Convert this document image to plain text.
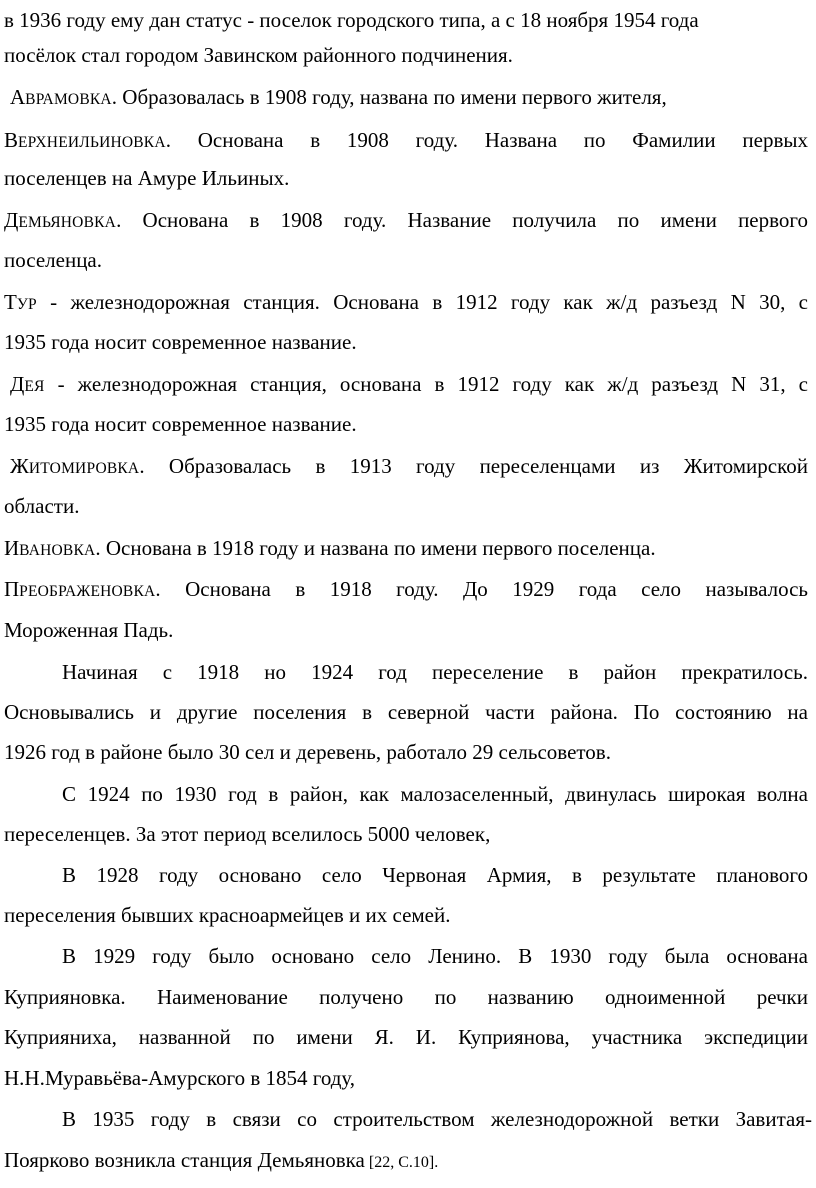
в 1936 году ему дан статус - поселок городского типа, а с 18 ноября 1954 года
посёлок стал городом Завинском районного подчинения.
АВРАМОВКА. Образовалась в 1908 году, названа по имени первого жителя,
ВЕРХНЕИЛЬИНОВКА. Основана в 1908 году. Названа по Фамилии первых
поселенцев на Амуре Ильиных.
ДЕМЬЯНОВКА. Основана в 1908 году. Название получила по имени первого
поселенца.
ТУР - железнодорожная станция. Основана в 1912 году как ж/д разъезд N 30, с
1935 года носит современное название.
ДЕЯ - железнодорожная станция, основана в 1912 году как ж/д разъезд N 31, с
1935 года носит современное название.
ЖИТОМИРОВКА. Образовалась в 1913 году переселенцами из Житомирской
области.
ИВАНОВКА. Основана в 1918 году и названа по имени первого поселенца.
ПРЕОБРАЖЕНОВКА. Основана в 1918 году. До 1929 года село называлось
Мороженная Падь.
Начиная с 1918 но 1924 год переселение в район прекратилось.
Основывались и другие поселения в северной части района. По состоянию на
1926 год в районе было 30 сел и деревень, работало 29 сельсоветов.
С 1924 по 1930 год в район, как малозаселенный, двинулась широкая волна
переселенцев. За этот период вселилось 5000 человек,
В 1928 году основано село Червоная Армия, в результате планового
переселения бывших красноармейцев и их семей.
В 1929 году было основано село Ленино. В 1930 году была основана
Куприяновка. Наименование получено по названию одноименной речки
Куприяниха, названной по имени Я. И. Куприянова, участника экспедиции
Н.Н.Муравьёва-Амурского в 1854 году,
В 1935 году в связи со строительством железнодорожной ветки Завитая-
Поярково возникла станция Демьяновка [22, С.10].
